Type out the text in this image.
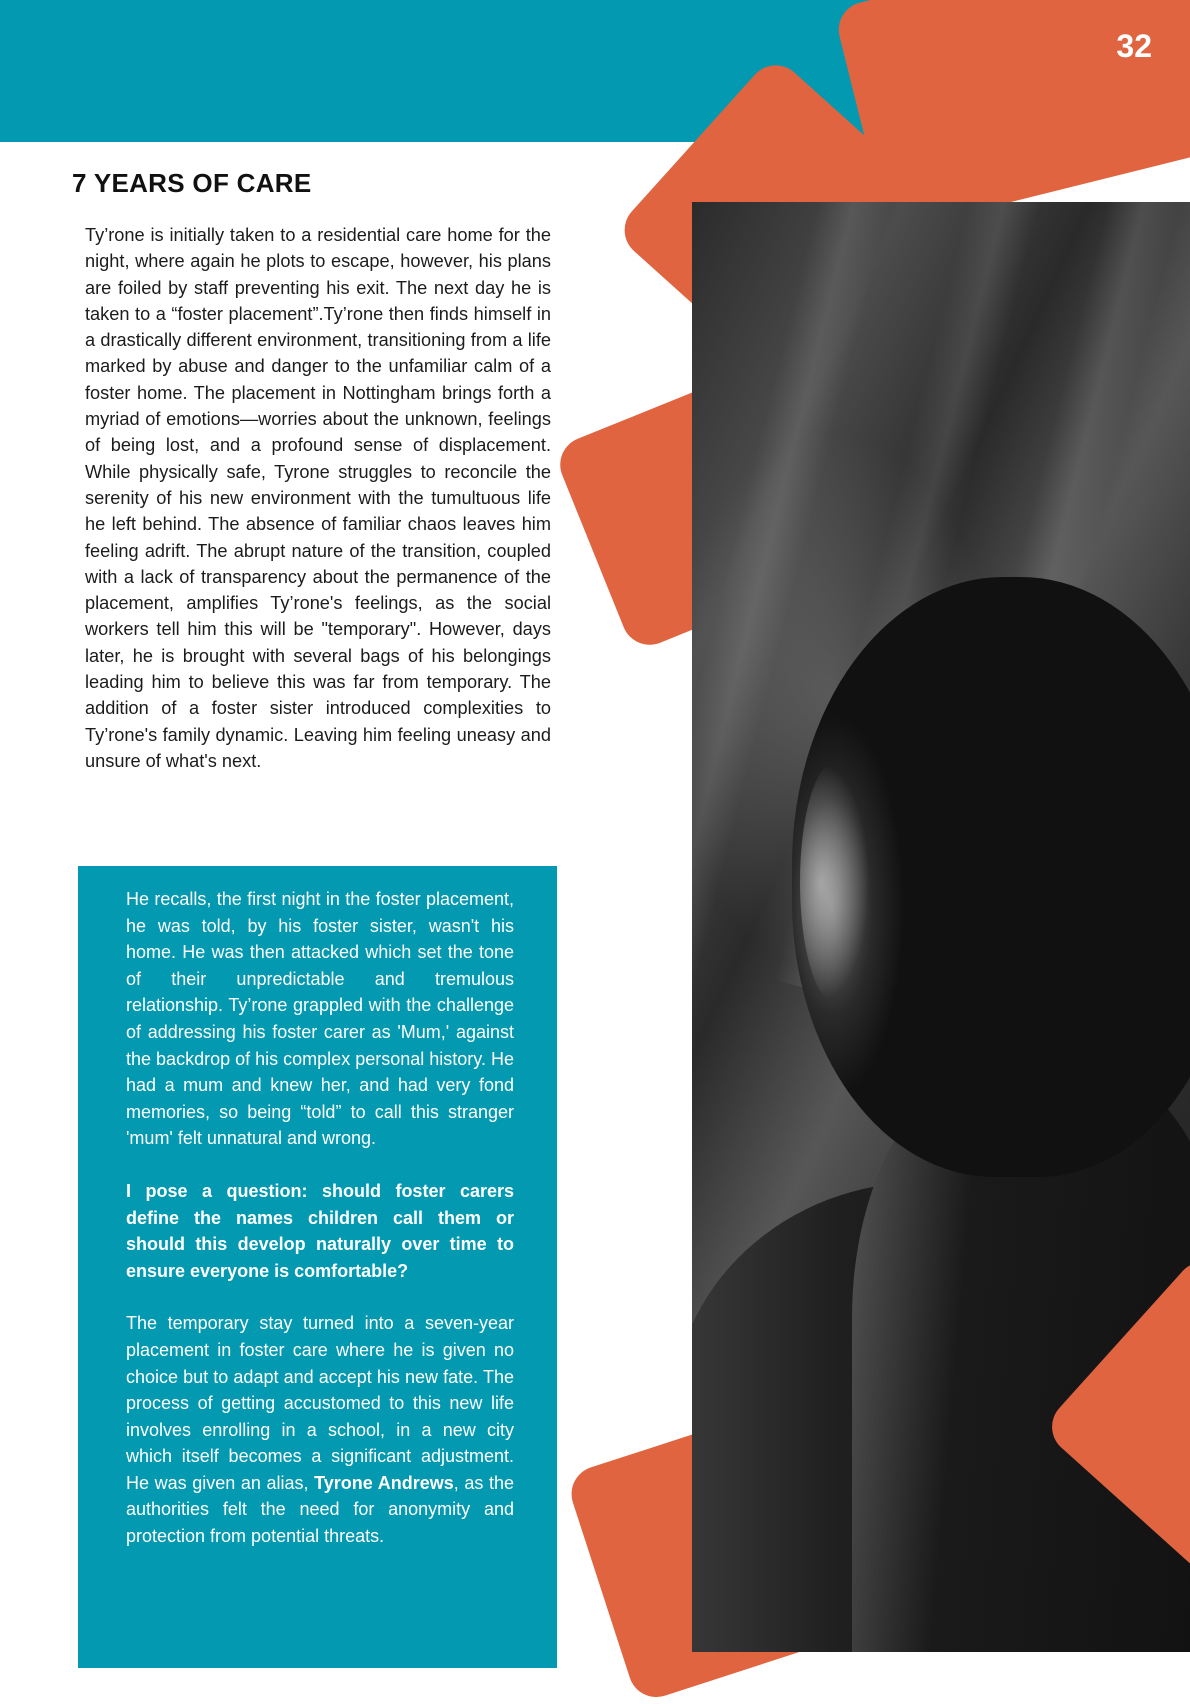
32
7 YEARS OF CARE

Ty’rone is initially taken to a residential care home for the night, where again he plots to escape, however, his plans are foiled by staff preventing his exit. The next day he is taken to a “foster placement”.Ty’rone then finds himself in a drastically different environment, transitioning from a life marked by abuse and danger to the unfamiliar calm of a foster home. The placement in Nottingham brings forth a myriad of emotions—worries about the unknown, feelings of being lost, and a profound sense of displacement. While physically safe, Tyrone struggles to reconcile the serenity of his new environment with the tumultuous life he left behind. The absence of familiar chaos leaves him feeling adrift. The abrupt nature of the transition, coupled with a lack of transparency about the permanence of the placement, amplifies Ty’rone's feelings, as the social workers tell him this will be "temporary". However, days later, he is brought with several bags of his belongings leading him to believe this was far from temporary. The addition of a foster sister introduced complexities to Ty’rone's family dynamic. Leaving him feeling uneasy and unsure of what's next.

He recalls, the first night in the foster placement, he was told, by his foster sister, wasn't his home. He was then attacked which set the tone of their unpredictable and tremulous relationship. Ty’rone grappled with the challenge of addressing his foster carer as 'Mum,' against the backdrop of his complex personal history. He had a mum and knew her, and had very fond memories, so being “told” to call this stranger 'mum' felt unnatural and wrong.

I pose a question: should foster carers define the names children call them or should this develop naturally over time to ensure everyone is comfortable?

The temporary stay turned into a seven-year placement in foster care where he is given no choice but to adapt and accept his new fate. The process of getting accustomed to this new life involves enrolling in a school, in a new city which itself becomes a significant adjustment. He was given an alias, Tyrone Andrews, as the authorities felt the need for anonymity and protection from potential threats.
